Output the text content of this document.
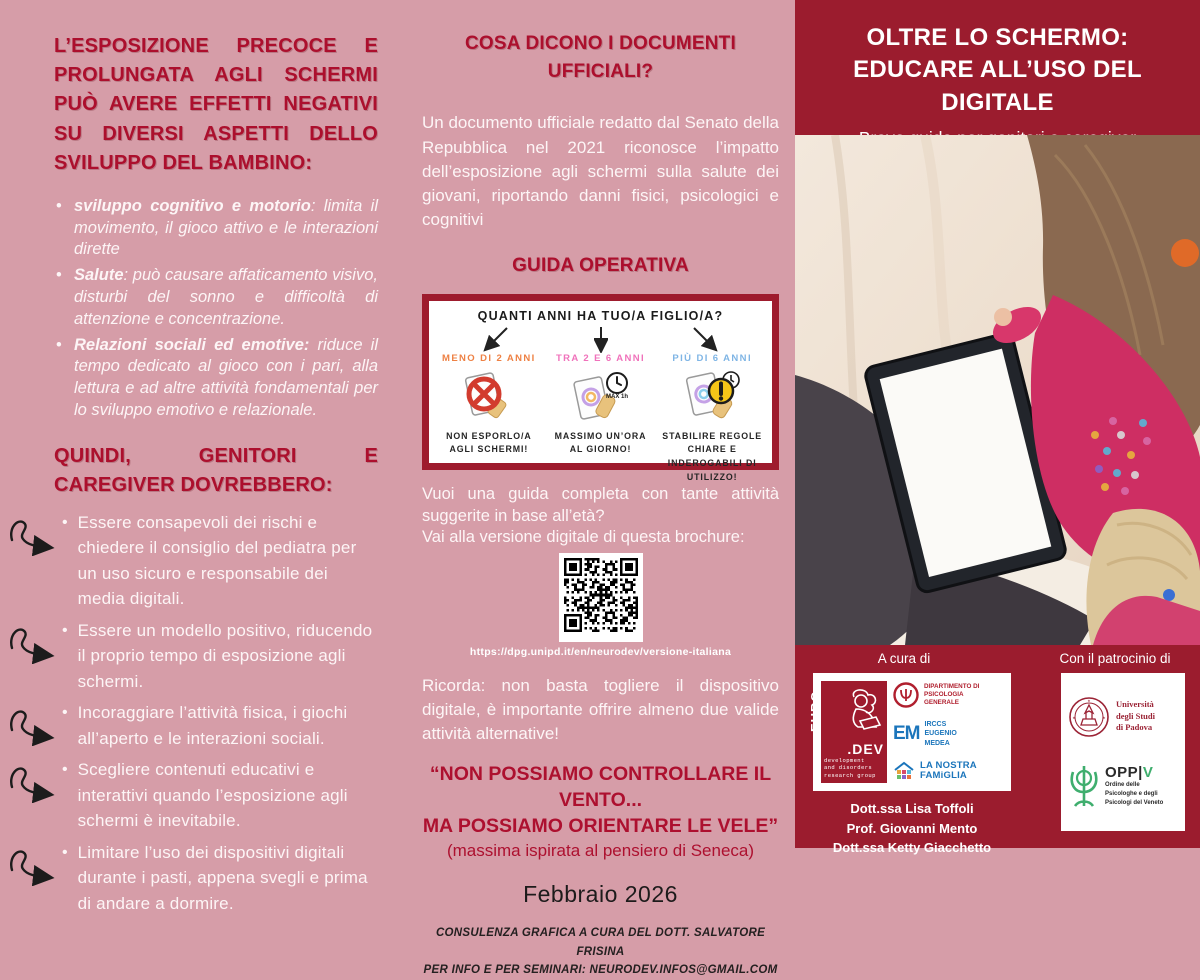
L’ESPOSIZIONE PRECOCE E PROLUNGATA AGLI SCHERMI PUÒ AVERE EFFETTI NEGATIVI SU DIVERSI ASPETTI DELLO SVILUPPO DEL BAMBINO:
• sviluppo cognitivo e motorio: limita il movimento, il gioco attivo e le interazioni dirette
• Salute: può causare affaticamento visivo, disturbi del sonno e difficoltà di attenzione e concentrazione.
• Relazioni sociali ed emotive: riduce il tempo dedicato al gioco con i pari, alla lettura e ad altre attività fondamentali per lo sviluppo emotivo e relazionale.
QUINDI, GENITORI E CAREGIVER DOVREBBERO:
• Essere consapevoli dei rischi e chiedere il consiglio del pediatra per un uso sicuro e responsabile dei media digitali.
• Essere un modello positivo, riducendo il proprio tempo di esposizione agli schermi.
• Incoraggiare l’attività fisica, i giochi all’aperto e le interazioni sociali.
• Scegliere contenuti educativi e interattivi quando l’esposizione agli schermi è inevitabile.
• Limitare l’uso dei dispositivi digitali durante i pasti, appena svegli e prima di andare a dormire.
COSA DICONO I DOCUMENTI UFFICIALI?
Un documento ufficiale redatto dal Senato della Repubblica nel 2021 riconosce l’impatto dell’esposizione agli schermi sulla salute dei giovani, riportando danni fisici, psicologici e cognitivi
GUIDA OPERATIVA
QUANTI ANNI HA TUO/A FIGLIO/A?
MENO DI 2 ANNI
NON ESPORLO/A
AGLI SCHERMI!
TRA 2 E 6 ANNI
MAX 1h
MASSIMO UN’ORA
AL GIORNO!
PIÙ DI 6 ANNI
STABILIRE REGOLE CHIARE E
INDEROGABILI DI UTILIZZO!
Vuoi una guida completa con tante attività suggerite in base all’età?
Vai alla versione digitale di questa brochure:
https://dpg.unipd.it/en/neurodev/versione-italiana
Ricorda: non basta togliere il dispositivo digitale, è importante offrire almeno due valide attività alternative!
“NON POSSIAMO CONTROLLARE IL VENTO...
MA POSSIAMO ORIENTARE LE VELE”
(massima ispirata al pensiero di Seneca)
Febbraio 2026
CONSULENZA GRAFICA A CURA DEL DOTT. SALVATORE FRISINA
PER INFO E PER SEMINARI: NEURODEV.INFOS@GMAIL.COM
OLTRE LO SCHERMO:
EDUCARE ALL’USO DEL DIGITALE
A cura di	Con il patrocinio di
nEURO
.DEV
development
and disorders
research group
DIPARTIMENTO DI
PSICOLOGIA
GENERALE
EM IRCCS
EUGENIO
MEDEA
LA NOSTRA
FAMiGLIA
★
★	★
Università
degli Studi
di Padova
OPP|V
Ordine delle
Psicologhe e degli
Psicologi del Veneto
Dott.ssa Lisa Toffoli
Prof. Giovanni Mento
Dott.ssa Ketty Giacchetto
